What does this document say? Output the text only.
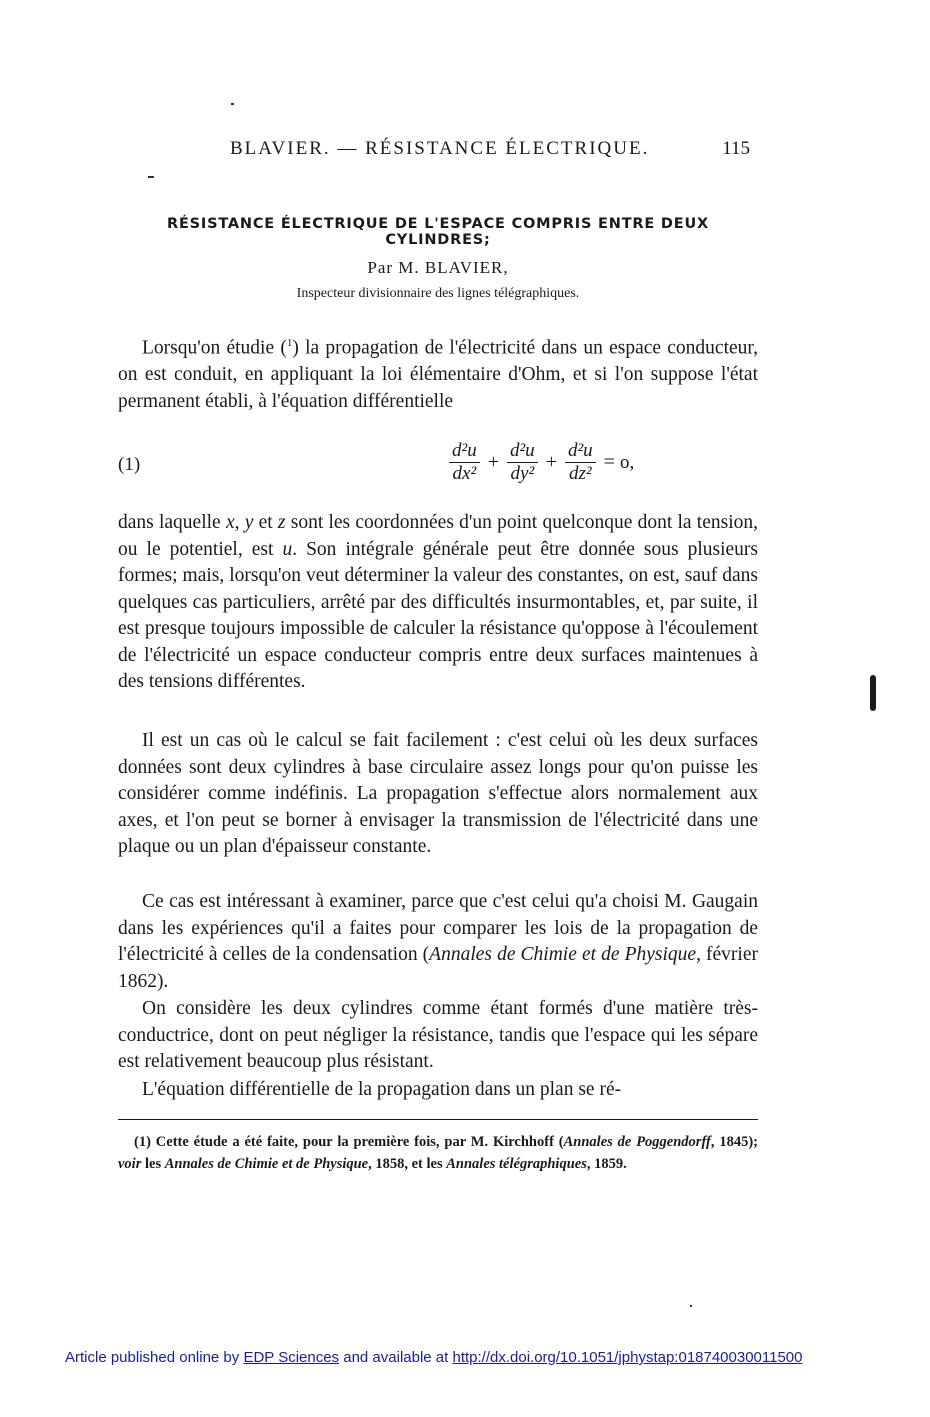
BLAVIER. — RÉSISTANCE ÉLECTRIQUE.	115
RÉSISTANCE ÉLECTRIQUE DE L'ESPACE COMPRIS ENTRE DEUX CYLINDRES;
Par M. BLAVIER,
Inspecteur divisionnaire des lignes télégraphiques.
Lorsqu'on étudie ($^1$) la propagation de l'électricité dans un espace conducteur, on est conduit, en appliquant la loi élémentaire d'Ohm, et si l'on suppose l'état permanent établi, à l'équation différentielle
(1)	$\frac{\text{d²u}}{\text{dx²}} + \frac{\text{d²u}}{\text{dy²}} + \frac{\text{d²u}}{\text{dz²}} = o$,
dans laquelle x, y et z sont les coordonnées d'un point quelconque dont la tension, ou le potentiel, est u. Son intégrale générale peut être donnée sous plusieurs formes; mais, lorsqu'on veut déterminer la valeur des constantes, on est, sauf dans quelques cas particuliers, arrêté par des difficultés insurmontables, et, par suite, il est presque toujours impossible de calculer la résistance qu'oppose à l'écoulement de l'électricité un espace conducteur compris entre deux surfaces maintenues à des tensions différentes.
Il est un cas où le calcul se fait facilement : c'est celui où les deux surfaces données sont deux cylindres à base circulaire assez longs pour qu'on puisse les considérer comme indéfinis. La propagation s'effectue alors normalement aux axes, et l'on peut se borner à envisager la transmission de l'électricité dans une plaque ou un plan d'épaisseur constante.
Ce cas est intéressant à examiner, parce que c'est celui qu'a choisi M. Gaugain dans les expériences qu'il a faites pour comparer les lois de la propagation de l'électricité à celles de la condensation (Annales de Chimie et de Physique, février 1862).
On considère les deux cylindres comme étant formés d'une matière très-conductrice, dont on peut négliger la résistance, tandis que l'espace qui les sépare est relativement beaucoup plus résistant.
L'équation différentielle de la propagation dans un plan se ré-
(1) Cette étude a été faite, pour la première fois, par M. Kirchhoff (Annales de Poggendorff, 1845); voir les Annales de Chimie et de Physique, 1858, et les Annales télégraphiques, 1859.
Article published online by EDP Sciences and available at http://dx.doi.org/10.1051/jphystap:018740030011500
